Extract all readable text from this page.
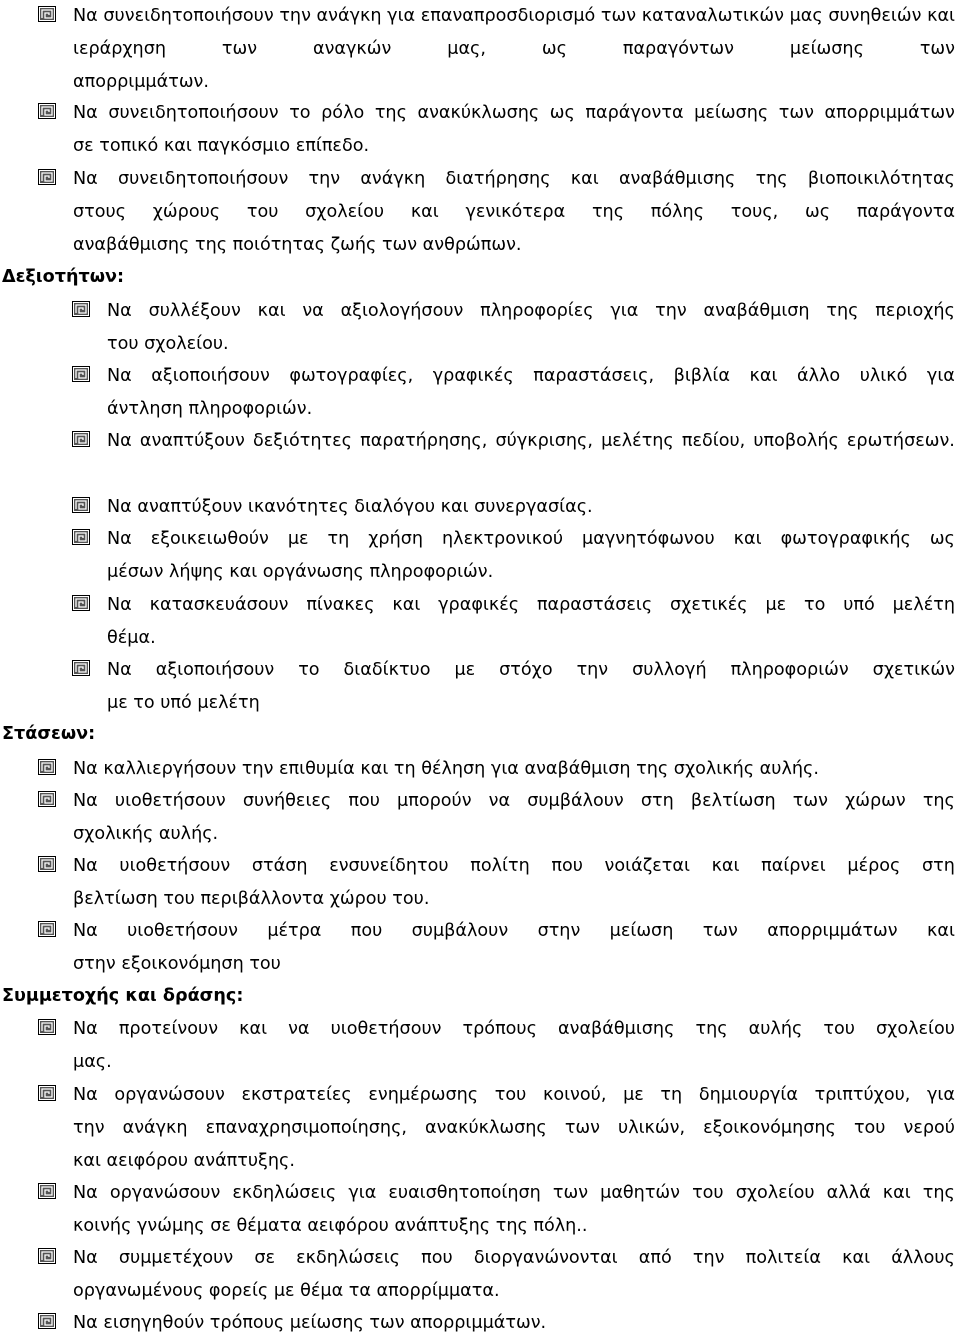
Να συνειδητοποιήσουν την ανάγκη για επαναπροσδιορισμό των καταναλωτικών μας συνηθειών και
ιεράρχηση	των	αναγκών	μας,	ως	παραγόντων	μείωσης	των
απορριμμάτων.
Να συνειδητοποιήσουν το ρόλο της ανακύκλωσης ως παράγοντα μείωσης των απορριμμάτων
σε τοπικό και παγκόσμιο επίπεδο.
Να συνειδητοποιήσουν την ανάγκη διατήρησης και αναβάθμισης της βιοποικιλότητας
στους χώρους του σχολείου και γενικότερα της πόλης τους, ως παράγοντα
αναβάθμισης της ποιότητας ζωής των ανθρώπων.
Δεξιοτήτων:
Να συλλέξουν και να αξιολογήσουν πληροφορίες για την αναβάθμιση της περιοχής
του σχολείου.
Να αξιοποιήσουν φωτογραφίες, γραφικές παραστάσεις, βιβλία και άλλο υλικό για
άντληση πληροφοριών.
Να αναπτύξουν δεξιότητες παρατήρησης, σύγκρισης, μελέτης πεδίου, υποβολής ερωτήσεων.
Να αναπτύξουν ικανότητες διαλόγου και συνεργασίας.
Να εξοικειωθούν με τη χρήση ηλεκτρονικού μαγνητόφωνου και φωτογραφικής ως
μέσων λήψης και οργάνωσης πληροφοριών.
Να κατασκευάσουν πίνακες και γραφικές παραστάσεις σχετικές με το υπό μελέτη
θέμα.
Να αξιοποιήσουν το διαδίκτυο με στόχο την συλλογή πληροφοριών σχετικών
με το υπό μελέτη
Στάσεων:
Να καλλιεργήσουν την επιθυμία και τη θέληση για αναβάθμιση της σχολικής αυλής.
Να υιοθετήσουν συνήθειες που μπορούν να συμβάλουν στη βελτίωση των χώρων της
σχολικής αυλής.
Να υιοθετήσουν στάση ενσυνείδητου πολίτη που νοιάζεται και παίρνει μέρος στη
βελτίωση του περιβάλλοντα χώρου του.
Να υιοθετήσουν μέτρα που συμβάλουν στην μείωση των απορριμμάτων και
στην εξοικονόμηση του
Συμμετοχής και δράσης:
Να προτείνουν και να υιοθετήσουν τρόπους αναβάθμισης της αυλής του σχολείου
μας.
Να οργανώσουν εκστρατείες ενημέρωσης του κοινού, με τη δημιουργία τριπτύχου, για
την ανάγκη επαναχρησιμοποίησης, ανακύκλωσης των υλικών, εξοικονόμησης του νερού
και αειφόρου ανάπτυξης.
Να οργανώσουν εκδηλώσεις για ευαισθητοποίηση των μαθητών του σχολείου αλλά και της
κοινής γνώμης σε θέματα αειφόρου ανάπτυξης της πόλη..
Να συμμετέχουν σε εκδηλώσεις που διοργανώνονται από την πολιτεία και άλλους
οργανωμένους φορείς με θέμα τα απορρίμματα.
Να εισηγηθούν τρόπους μείωσης των απορριμμάτων.
